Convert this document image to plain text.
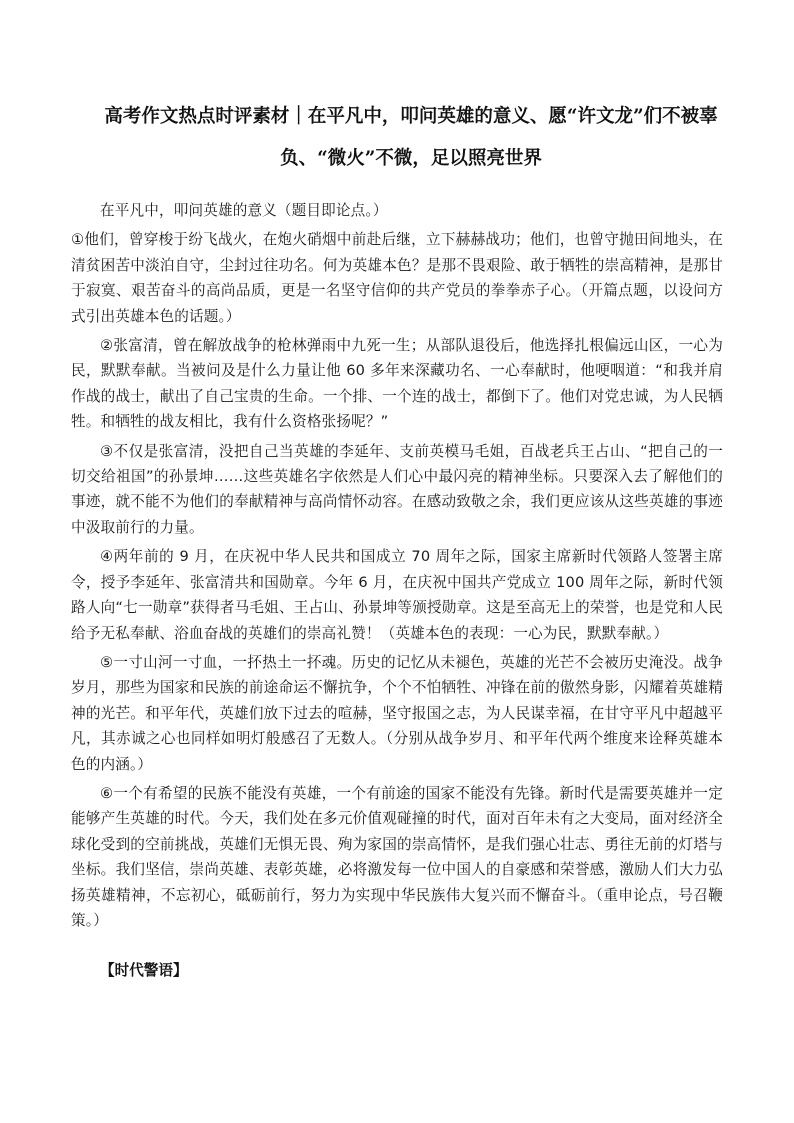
高考作文热点时评素材｜在平凡中，叩问英雄的意义、愿“许文龙”们不被辜
负、“微火”不微，足以照亮世界

在平凡中，叩问英雄的意义（题目即论点。）

①他们，曾穿梭于纷飞战火，在炮火硝烟中前赴后继，立下赫赫战功；他们，也曾守抛田间地头，在清贫困苦中淡泊自守，尘封过往功名。何为英雄本色？是那不畏艰险、敢于牺牲的崇高精神，是那甘于寂寞、艰苦奋斗的高尚品质，更是一名坚守信仰的共产党员的拳拳赤子心。（开篇点题，以设问方式引出英雄本色的话题。）

②张富清，曾在解放战争的枪林弹雨中九死一生；从部队退役后，他选择扎根偏远山区，一心为民，默默奉献。当被问及是什么力量让他 60 多年来深藏功名、一心奉献时，他哽咽道：“和我并肩作战的战士，献出了自己宝贵的生命。一个排、一个连的战士，都倒下了。他们对党忠诚，为人民牺牲。和牺牲的战友相比，我有什么资格张扬呢？”

③不仅是张富清，没把自己当英雄的李延年、支前英模马毛姐，百战老兵王占山、“把自己的一切交给祖国”的孙景坤……这些英雄名字依然是人们心中最闪亮的精神坐标。只要深入去了解他们的事迹，就不能不为他们的奉献精神与高尚情怀动容。在感动致敬之余，我们更应该从这些英雄的事迹中汲取前行的力量。

④两年前的 9 月，在庆祝中华人民共和国成立 70 周年之际，国家主席新时代领路人签署主席令，授予李延年、张富清共和国勋章。今年 6 月，在庆祝中国共产党成立 100 周年之际，新时代领路人向“七一勋章”获得者马毛姐、王占山、孙景坤等颁授勋章。这是至高无上的荣誉，也是党和人民给予无私奉献、浴血奋战的英雄们的崇高礼赞！（英雄本色的表现：一心为民，默默奉献。）

⑤一寸山河一寸血，一抔热土一抔魂。历史的记忆从未褪色，英雄的光芒不会被历史淹没。战争岁月，那些为国家和民族的前途命运不懈抗争，个个不怕牺牲、冲锋在前的傲然身影，闪耀着英雄精神的光芒。和平年代，英雄们放下过去的喧赫，坚守报国之志，为人民谋幸福，在甘守平凡中超越平凡，其赤诚之心也同样如明灯般感召了无数人。（分别从战争岁月、和平年代两个维度来诠释英雄本色的内涵。）

⑥一个有希望的民族不能没有英雄，一个有前途的国家不能没有先锋。新时代是需要英雄并一定能够产生英雄的时代。今天，我们处在多元价值观碰撞的时代，面对百年未有之大变局，面对经济全球化受到的空前挑战，英雄们无惧无畏、殉为家国的崇高情怀，是我们强心壮志、勇往无前的灯塔与坐标。我们坚信，崇尚英雄、表彰英雄，必将激发每一位中国人的自豪感和荣誉感，激励人们大力弘扬英雄精神，不忘初心，砥砺前行，努力为实现中华民族伟大复兴而不懈奋斗。（重申论点，号召鞭策。）

【时代警语】
